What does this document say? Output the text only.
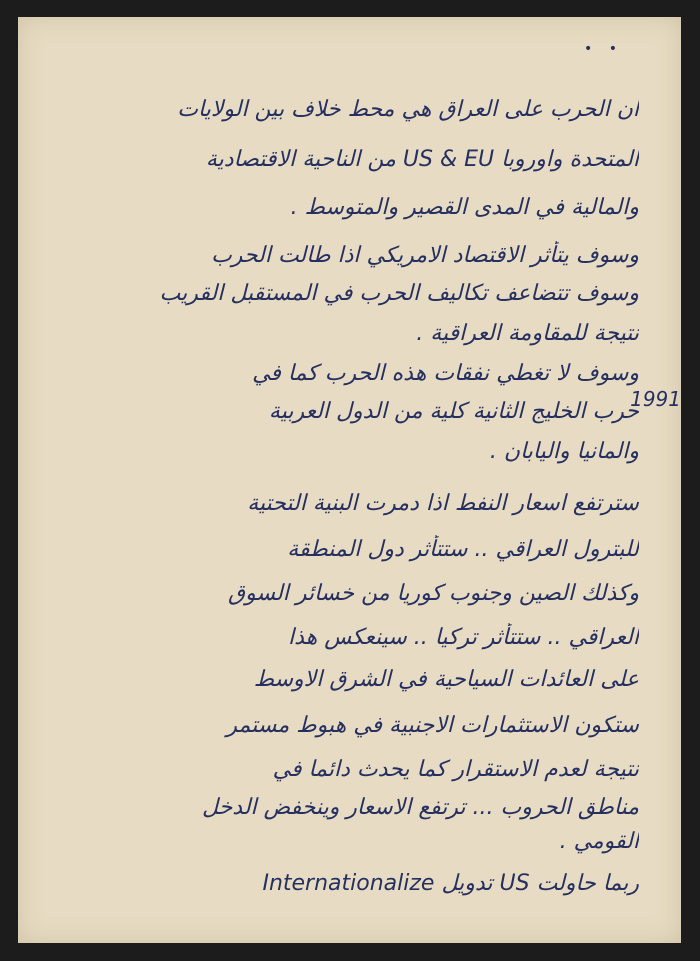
• •
ان الحرب على العراق هي محط خلاف بين الولايات
المتحدة واوروبا US & EU من الناحية الاقتصادية
والمالية في المدى القصير والمتوسط .
وسوف يتأثر الاقتصاد الامريكي اذا طالت الحرب
وسوف تتضاعف تكاليف الحرب في المستقبل القريب
نتيجة للمقاومة العراقية .
وسوف لا تغطي نفقات هذه الحرب كما في
حرب الخليج الثانية كلية من الدول العربية
والمانيا واليابان .
سترتفع اسعار النفط اذا دمرت البنية التحتية
للبترول العراقي .. ستتأثر دول المنطقة
وكذلك الصين وجنوب كوريا من خسائر السوق
العراقي .. ستتأثر تركيا .. سينعكس هذا
على العائدات السياحية في الشرق الاوسط
ستكون الاستثمارات الاجنبية في هبوط مستمر
نتيجة لعدم الاستقرار كما يحدث دائما في
مناطق الحروب ... ترتفع الاسعار وينخفض الدخل
القومي .
ربما حاولت US تدويل Internationalize
1991
